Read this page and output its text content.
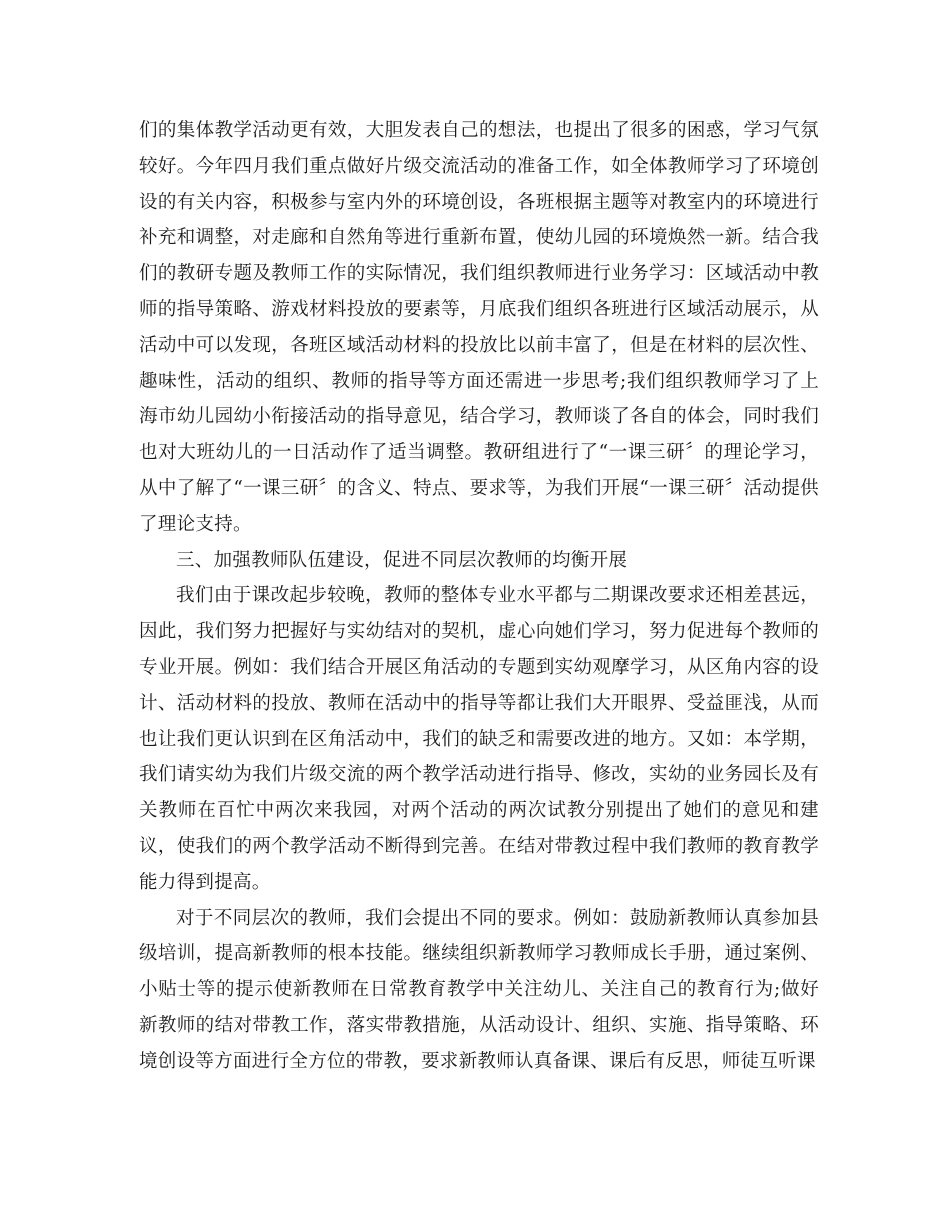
们的集体教学活动更有效，大胆发表自己的想法，也提出了很多的困惑，学习气氛较好。今年四月我们重点做好片级交流活动的准备工作，如全体教师学习了环境创设的有关内容，积极参与室内外的环境创设，各班根据主题等对教室内的环境进行补充和调整，对走廊和自然角等进行重新布置，使幼儿园的环境焕然一新。结合我们的教研专题及教师工作的实际情况，我们组织教师进行业务学习：区域活动中教师的指导策略、游戏材料投放的要素等，月底我们组织各班进行区域活动展示，从活动中可以发现，各班区域活动材料的投放比以前丰富了，但是在材料的层次性、趣味性，活动的组织、教师的指导等方面还需进一步思考;我们组织教师学习了上海市幼儿园幼小衔接活动的指导意见，结合学习，教师谈了各自的体会，同时我们也对大班幼儿的一日活动作了适当调整。教研组进行了“一课三研〞的理论学习，从中了解了“一课三研〞的含义、特点、要求等，为我们开展“一课三研〞活动提供了理论支持。

三、加强教师队伍建设，促进不同层次教师的均衡开展

我们由于课改起步较晚，教师的整体专业水平都与二期课改要求还相差甚远，因此，我们努力把握好与实幼结对的契机，虚心向她们学习，努力促进每个教师的专业开展。例如：我们结合开展区角活动的专题到实幼观摩学习，从区角内容的设计、活动材料的投放、教师在活动中的指导等都让我们大开眼界、受益匪浅，从而也让我们更认识到在区角活动中，我们的缺乏和需要改进的地方。又如：本学期，我们请实幼为我们片级交流的两个教学活动进行指导、修改，实幼的业务园长及有关教师在百忙中两次来我园，对两个活动的两次试教分别提出了她们的意见和建议，使我们的两个教学活动不断得到完善。在结对带教过程中我们教师的教育教学能力得到提高。

对于不同层次的教师，我们会提出不同的要求。例如：鼓励新教师认真参加县级培训，提高新教师的根本技能。继续组织新教师学习教师成长手册，通过案例、小贴士等的提示使新教师在日常教育教学中关注幼儿、关注自己的教育行为;做好新教师的结对带教工作，落实带教措施，从活动设计、组织、实施、指导策略、环境创设等方面进行全方位的带教，要求新教师认真备课、课后有反思，师徒互听课
